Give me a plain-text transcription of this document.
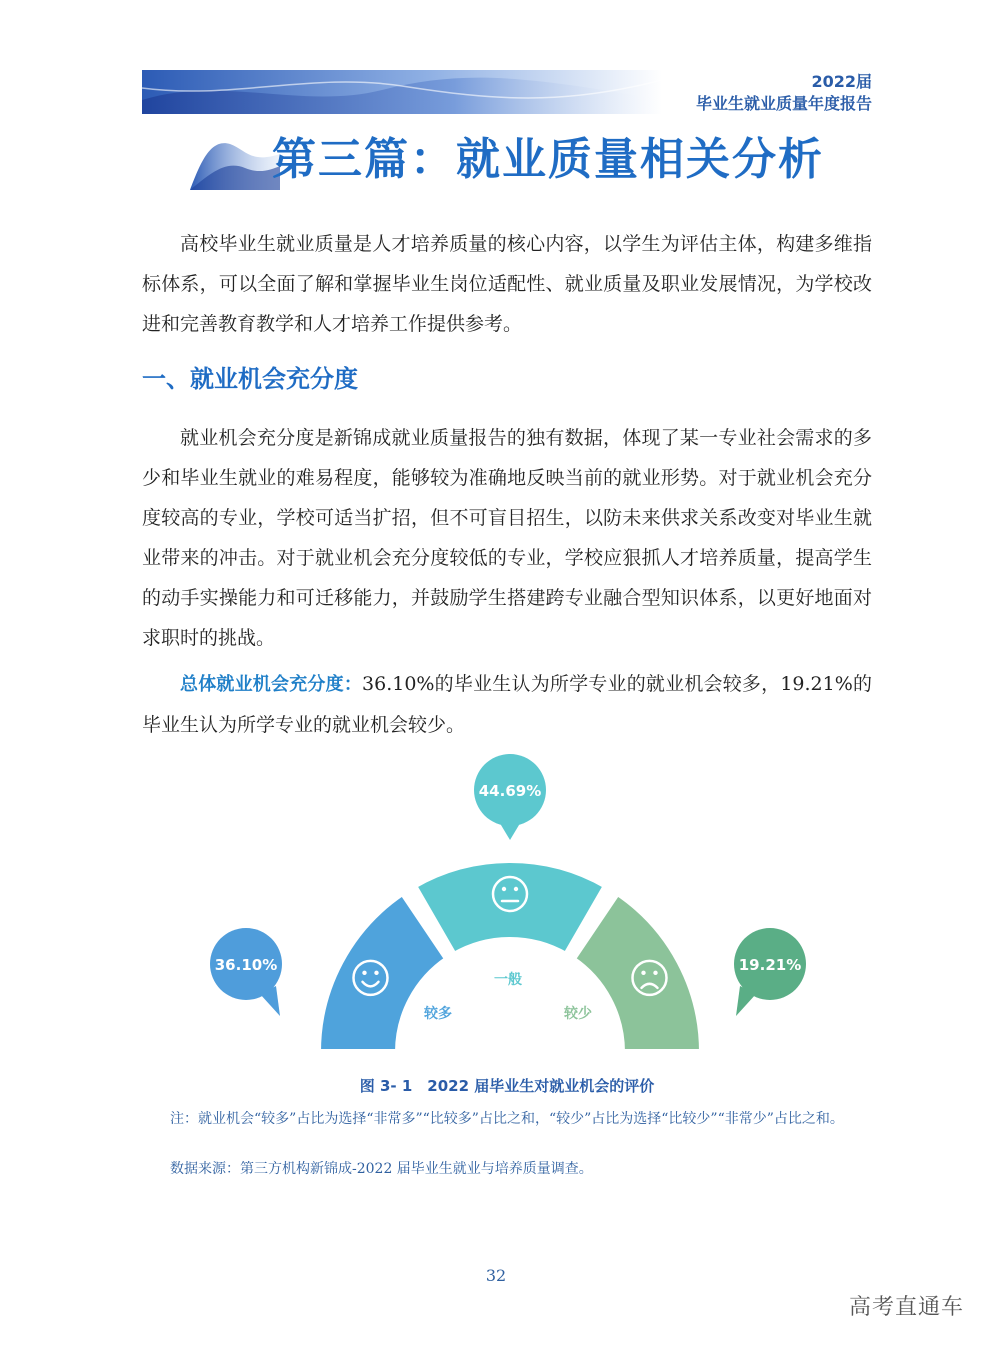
2022届
毕业生就业质量年度报告
第三篇：就业质量相关分析
高校毕业生就业质量是人才培养质量的核心内容，以学生为评估主体，构建多维指标体系，可以全面了解和掌握毕业生岗位适配性、就业质量及职业发展情况，为学校改进和完善教育教学和人才培养工作提供参考。
一、就业机会充分度
就业机会充分度是新锦成就业质量报告的独有数据，体现了某一专业社会需求的多少和毕业生就业的难易程度，能够较为准确地反映当前的就业形势。对于就业机会充分度较高的专业，学校可适当扩招，但不可盲目招生，以防未来供求关系改变对毕业生就业带来的冲击。对于就业机会充分度较低的专业，学校应狠抓人才培养质量，提高学生的动手实操能力和可迁移能力，并鼓励学生搭建跨专业融合型知识体系，以更好地面对求职时的挑战。
总体就业机会充分度：36.10%的毕业生认为所学专业的就业机会较多，19.21%的毕业生认为所学专业的就业机会较少。
较多
36.10%
一般
44.69%
较少
19.21%
图 3- 1　2022 届毕业生对就业机会的评价
注：就业机会“较多”占比为选择“非常多”“比较多”占比之和，“较少”占比为选择“比较少”“非常少”占比之和。
数据来源：第三方机构新锦成-2022 届毕业生就业与培养质量调查。
32
高考直通车
